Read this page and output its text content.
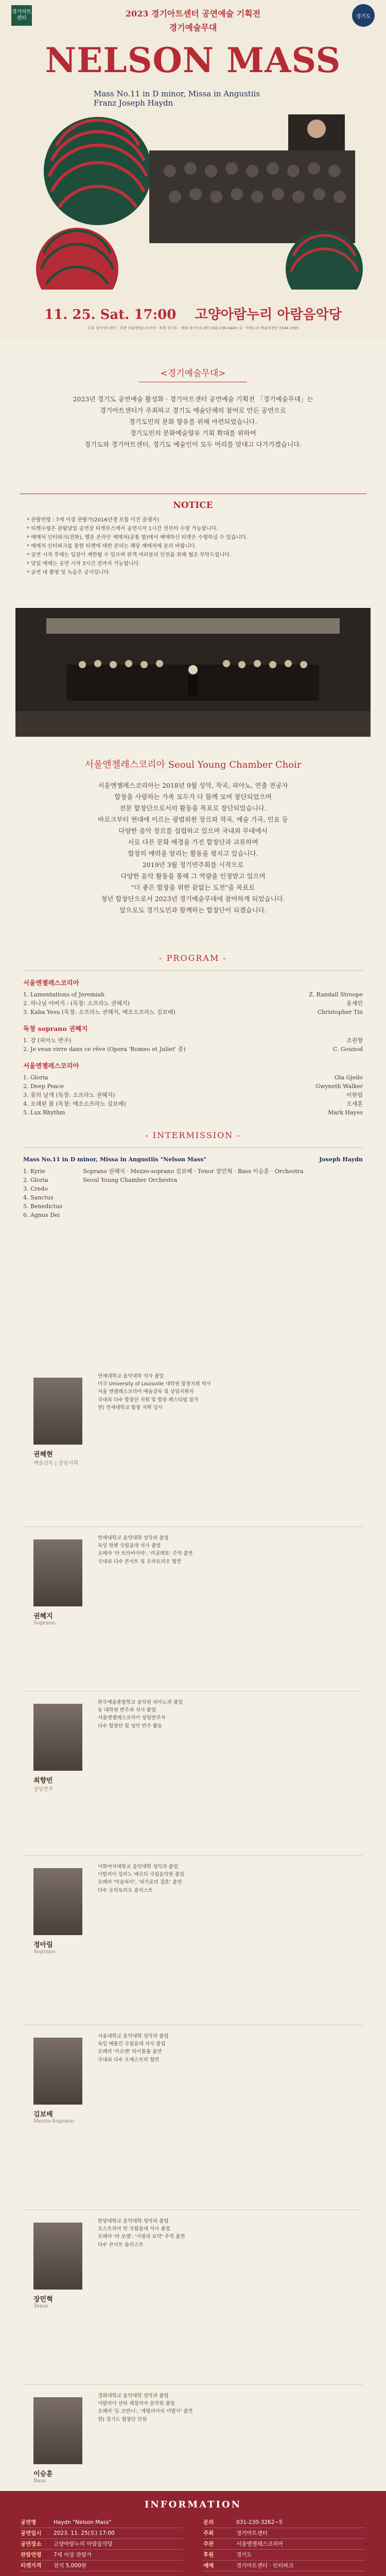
경기아트센터	경기도
2023 경기아트센터 공연예술 기획전
경기예술무대
NELSON MASS
Mass No.11 in D minor, Missa in Angustiis
Franz Joseph Haydn
11. 25. Sat. 17:00 고양아람누리 아람음악당
주최 경기아트센터 · 주관 서울엔젤스코리아 · 후원 경기도 · 예매 경기아트센터 031-230-3440~2 · 아람누리 예술의전당 1544-1555
<경기예술무대>

2023년 경기도 공연예술 활성화 · 경기아트센터 공연예술 기획전 「경기예술무대」는
경기아트센터가 주최하고 경기도 예술단체의 참여로 만든 공연으로
경기도민의 문화 향유를 위해 마련되었습니다.
경기도민의 문화예술향유 기회 확대를 위하여
경기도와 경기아트센터, 경기도 예술인이 모두 머리를 맞대고 다가가겠습니다.

NOTICE
* 관람연령 : 7세 이상 관람가(2016년생 포함 이전 출생자)
* 티켓수령은 관람당일 공연장 티켓부스에서 공연시작 1시간 전부터 수령 가능합니다.
* 예매처 인터파크(전화), 멜론 온라인 예매처(공통 할)에서 예매하신 티켓은 수령하실 수 있습니다.
* 예매처 인터파크를 통한 티켓에 대한 문의는 해당 예매처에 문의 바랍니다.
* 공연 시작 후에는 입장이 제한될 수 있으며 관객 여러분의 안전을 위해 협조 부탁드립니다.
* 당일 예매는 공연 시작 3시간 전까지 가능합니다.
* 공연 내 촬영 및 녹음은 금지입니다.
서울엔젤레스코리아 Seoul Young Chamber Choir

서울엔젤레스코리아는 2018년 9월 성악, 작곡, 피아노, 연출 전공자
합창을 사랑하는 가족 모두가 다 함께 모여 창단되었으며
전문 합창단으로서의 활동을 목표로 창단되었습니다.
바로크부터 현대에 이르는 광범위한 장르와 작곡, 예술 가곡, 민요 등
다양한 음악 장르를 섭렵하고 있으며 국내외 무대에서
서로 다른 문화 배경을 가진 합창단과 교류하며
합창의 매력을 알리는 활동을 펼치고 있습니다.
2019년 3월 정기연주회를 시작으로
다양한 음악 활동을 통해 그 역량을 인정받고 있으며
"더 좋은 합창을 위한 끝없는 도전"을 목표로
청년 합창단으로서 2023년 경기예술무대에 참여하게 되었습니다.
앞으로도 경기도민과 함께하는 합창단이 되겠습니다.

- PROGRAM -
서울엔젤레스코리아
1. Lamentations of Jeremiah	Z. Randall Stroope
2. 하나님 아버지 - (독창: 소프라노 권혜지)	윤제민
3. Kaba Yesu (독창: 소프라노 권혜지, 메조소프라노 김보배)	Christopher Tin
독창 soprano 권혜지
1. 강 (피아노 반주)	조원향
2. Je veux vivre dans ce rêve (Opera 'Romeo et Juliet' 중)	C. Gounod
서울엔젤레스코리아
1. Gloria	Ola Gjeilo
2. Deep Peace	Gwyneth Walker
3. 꿈의 날개 (독창: 소프라노 권혜지)	이한림
4. 오래된 봄 (독창: 메조소프라노 김보배)	오세훈
5. Lux Rhythm	Mark Hayes
- INTERMISSION -
Mass No.11 in D minor, Missa in Angustiis "Nelson Mass"	Joseph Haydn
1. Kyrie
2. Gloria
3. Credo
4. Sanctus
5. Benedictus
6. Agnus Dei
Soprano 권혜지 · Mezzo-soprano 김보배 · Tenor 장민혁 · Bass 이승훈 · Orchestra Seoul Young Chamber Orchestra
권혜현
예술감독 | 상임지휘
연세대학교 음악대학 석사 졸업
미국 University of Louisville 대학원 합창지휘 박사
서울 엔젤레스코리아 예술감독 및 상임지휘자
국내외 다수 합창단 지휘 및 합창 페스티벌 참가
현) 연세대학교 합창 지휘 강사
권혜지
Soprano
연세대학교 음악대학 성악과 졸업
독일 뮌헨 국립음대 석사 졸업
오페라 '라 트라비아타', '리골레토' 주역 출연
국내외 다수 콘서트 및 오라토리오 협연
최향빈
상임반주
한국예술종합학교 음악원 피아노과 졸업
동 대학원 반주과 석사 졸업
서울엔젤레스코리아 상임반주자
다수 합창단 및 성악 반주 활동
정아림
Soprano
이화여자대학교 음악대학 성악과 졸업
이탈리아 밀라노 베르디 국립음악원 졸업
오페라 '마술피리', '피가로의 결혼' 출연
다수 오라토리오 솔리스트
김보배
Mezzo-Soprano
서울대학교 음악대학 성악과 졸업
독일 베를린 국립음대 석사 졸업
오페라 '카르멘' 타이틀롤 출연
국내외 다수 오케스트라 협연
장민혁
Tenor
한양대학교 음악대학 성악과 졸업
오스트리아 빈 국립음대 석사 졸업
오페라 '라 보엠', '사랑의 묘약' 주역 출연
다수 콘서트 솔리스트
이승훈
Bass
경희대학교 음악대학 성악과 졸업
이탈리아 산타 체칠리아 음악원 졸업
오페라 '돈 조반니', '세빌리아의 이발사' 출연
현) 경기도 합창단 단원
INFORMATION
공연명	Haydn "Nelson Mass"
공연일시	2023. 11. 25(토) 17:00
공연장소	고양아람누리 아람음악당
관람연령	7세 이상 관람가
티켓가격	전석 5,000원
문의	031-230-3262~5
주최	경기아트센터
주관	서울엔젤레스코리아
후원	경기도
예매	경기아트센터 · 인터파크
